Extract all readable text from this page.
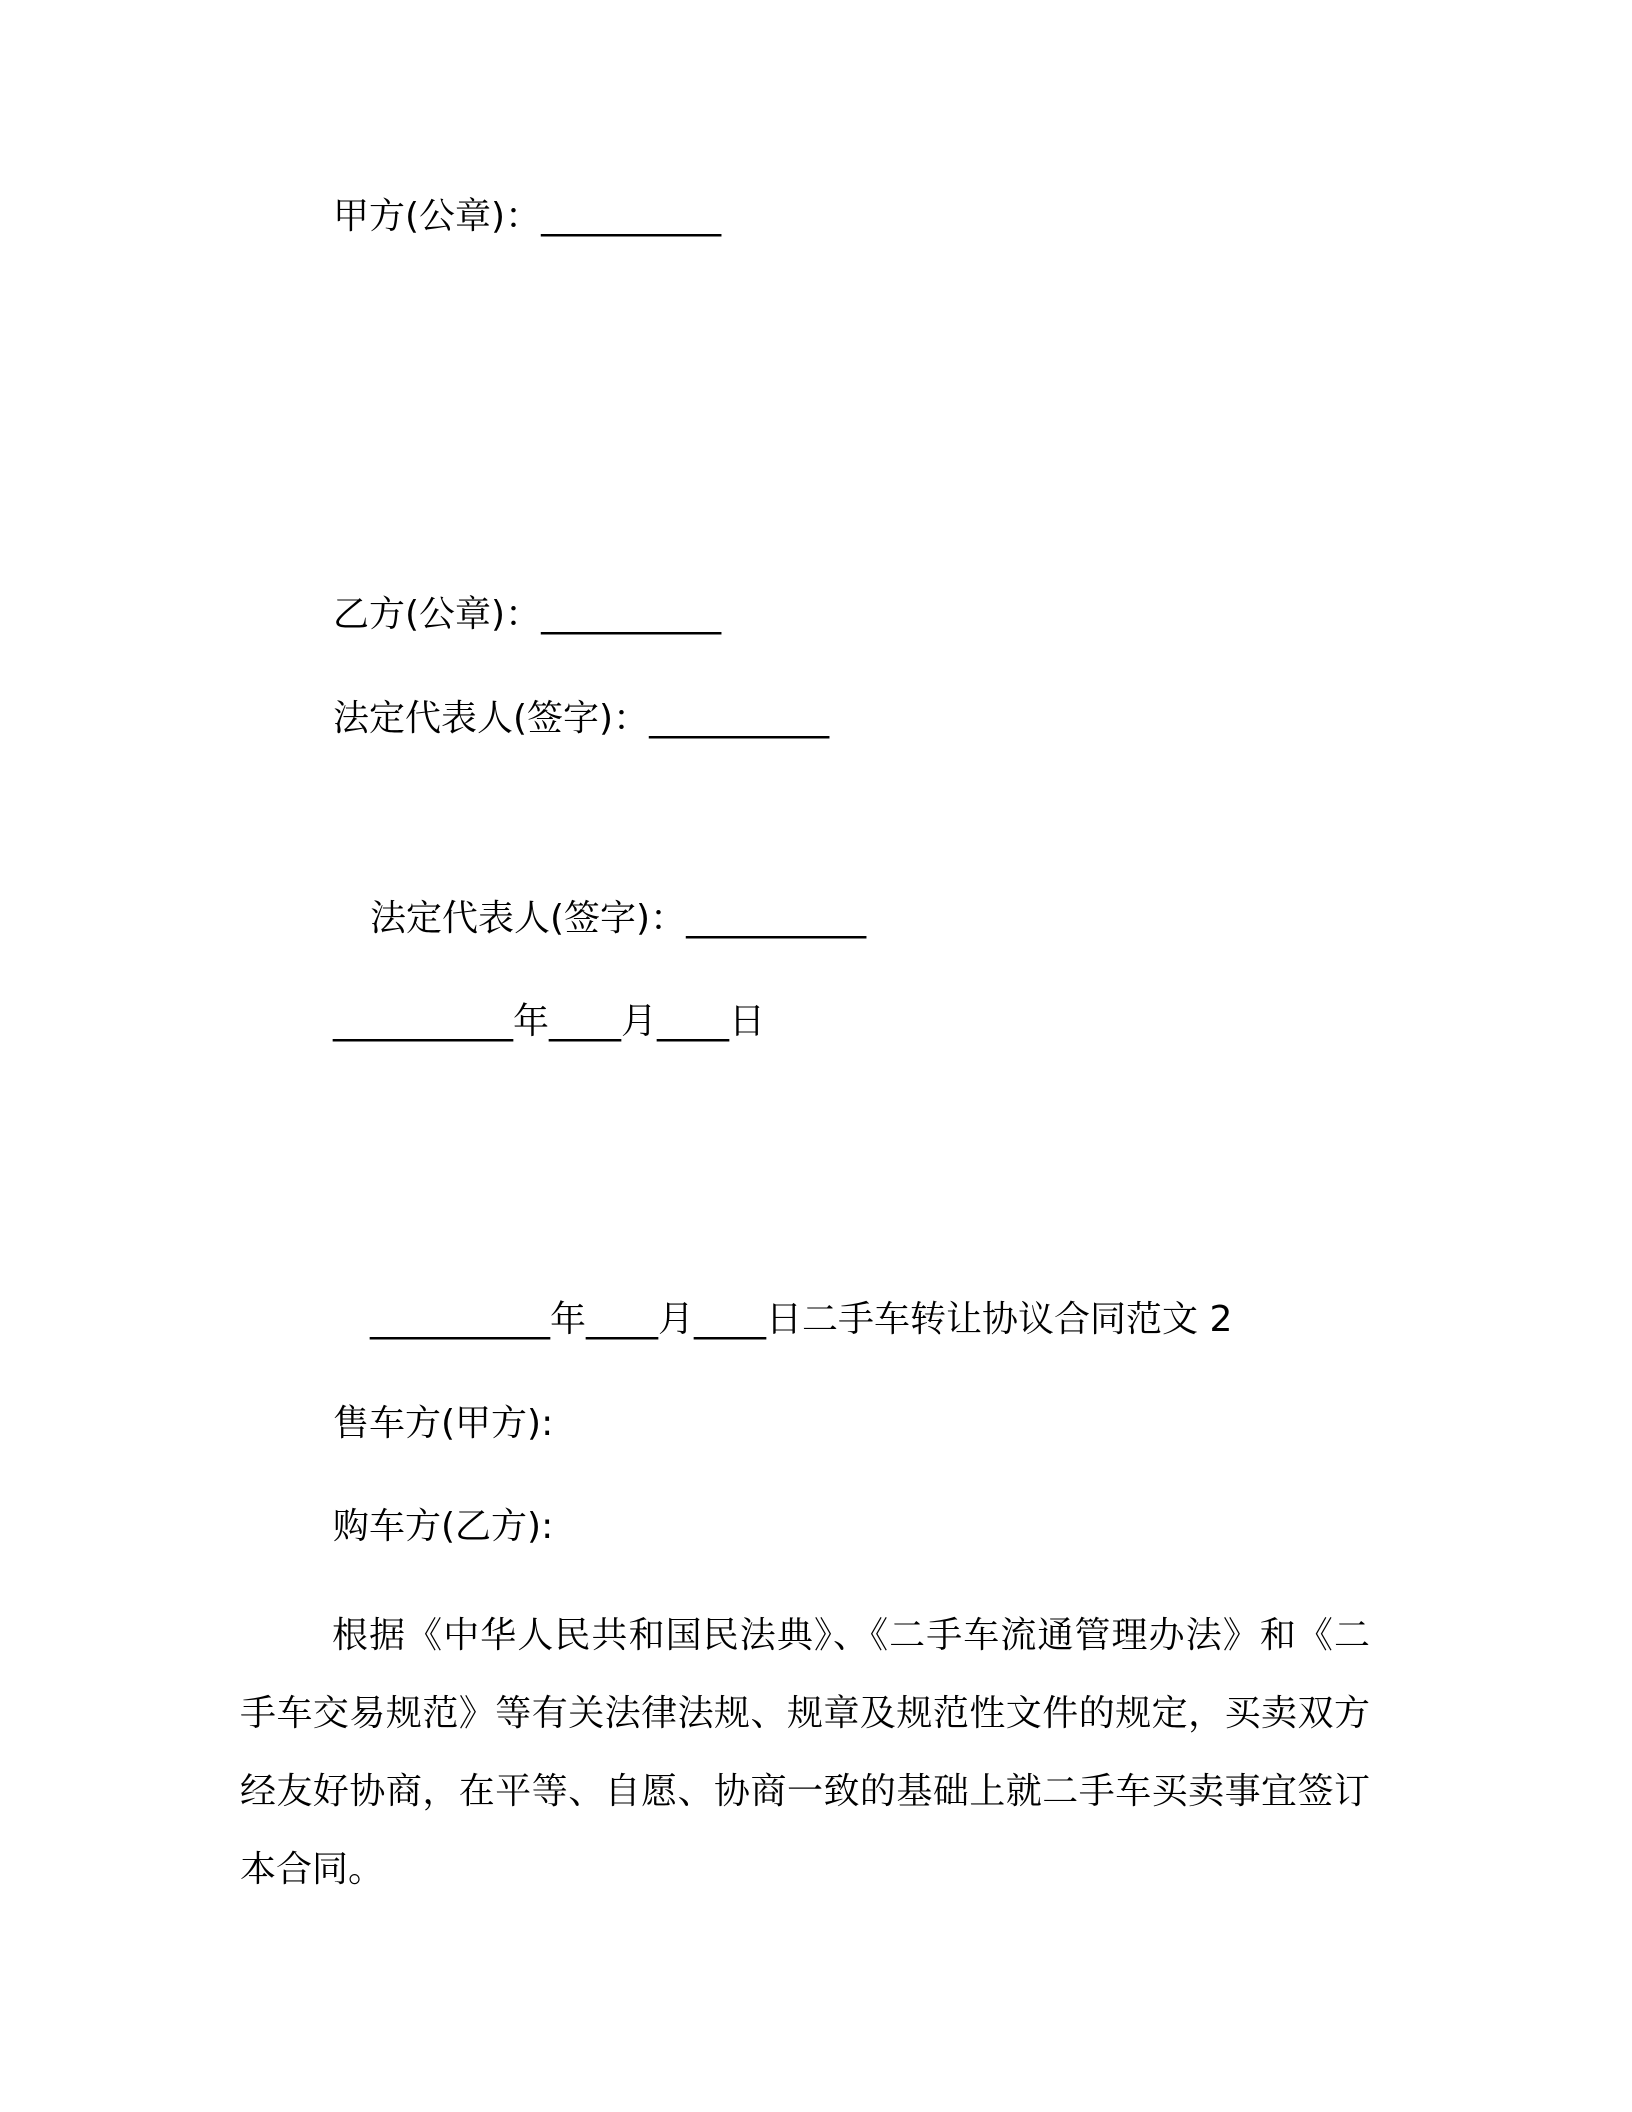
甲方(公章)：__________

乙方(公章)：__________

法定代表人(签字)：__________

法定代表人(签字)：__________

__________年____月____日

__________年____月____日二手车转让协议合同范文 2

售车方(甲方):

购车方(乙方):

根据《中华人民共和国民法典》、《二手车流通管理办法》和《二手车交易规范》等有关法律法规、规章及规范性文件的规定，买卖双方经友好协商，在平等、自愿、协商一致的基础上就二手车买卖事宜签订本合同。
